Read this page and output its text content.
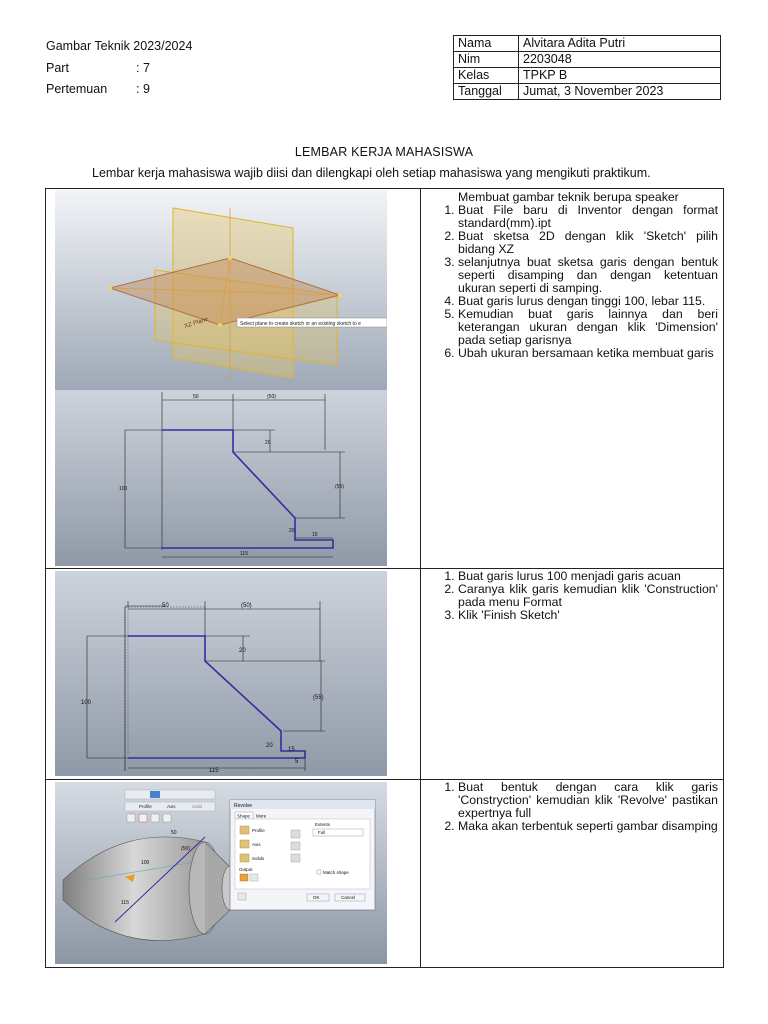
Gambar Teknik 2023/2024
Part	: 7
Pertemuan	: 9
Nama	Alvitara Adita Putri
Nim	2203048
Kelas	TPKP B
Tanggal	Jumat, 3 November 2023
LEMBAR KERJA MAHASISWA
Lembar kerja mahasiswa wajib diisi dan dilengkapi oleh setiap mahasiswa yang mengikuti praktikum.
XZ Plane	Select plane to create sketch or an existing sketch to e
50	(50)
20
(55)
100
20
15
115
50	(50)
20
(55)
100
20
15
5
115
Profile	Axis	Solid
100
50
(50)
115
Revolve
Shape More
Profile
Axis
Solids
Output
Extents
Full
Match shape
OK	Cancel
Membuat gambar teknik berupa speaker
1. Buat File baru di Inventor dengan format standard(mm).ipt
2. Buat sketsa 2D dengan klik 'Sketch' pilih bidang XZ
3. selanjutnya buat sketsa garis dengan bentuk seperti disamping dan dengan ketentuan ukuran seperti di samping.
4. Buat garis lurus dengan tinggi 100, lebar 115.
5. Kemudian buat garis lainnya dan beri keterangan ukuran dengan klik 'Dimension' pada setiap garisnya
6. Ubah ukuran bersamaan ketika membuat garis
1. Buat garis lurus 100 menjadi garis acuan
2. Caranya klik garis kemudian klik 'Construction' pada menu Format
3. Klik 'Finish Sketch'
1. Buat bentuk dengan cara klik garis 'Constryction' kemudian klik 'Revolve' pastikan expertnya full
2. Maka akan terbentuk seperti gambar disamping
